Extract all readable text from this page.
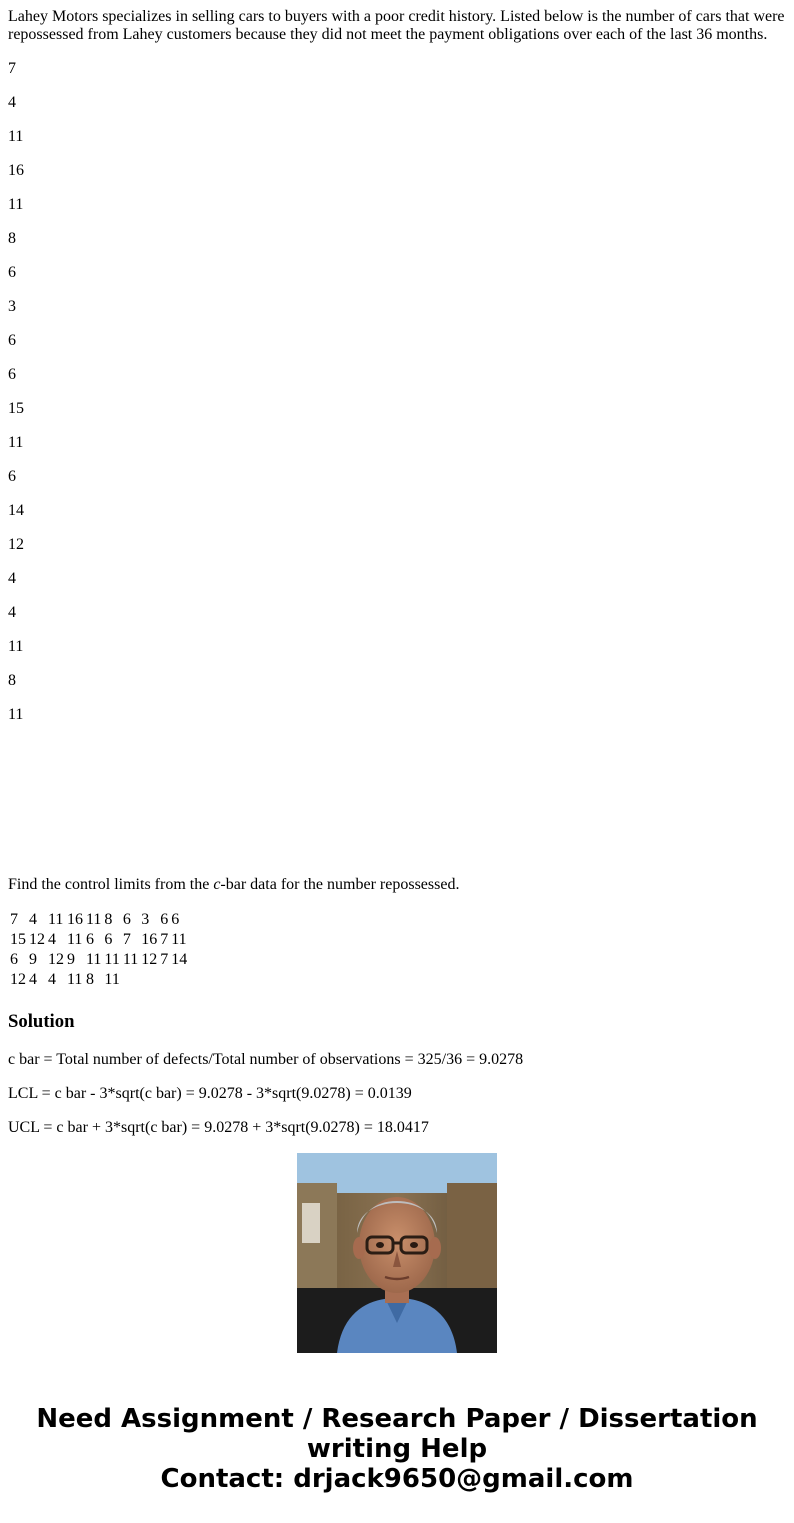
Lahey Motors specializes in selling cars to buyers with a poor credit history. Listed below is the number of cars that were repossessed from Lahey customers because they did not meet the payment obligations over each of the last 36 months.

7

4

11

16

11

8

6

3

6

6

15

11

6

14

12

4

4

11

8

11

Find the control limits from the c-bar data for the number repossessed.

7	4	11	16	11	8	6	3	6	6
15	12	4	11	6	6	7	16	7	11
6	9	12	9	11	11	11	12	7	14
12	4	4	11	8	11				
Solution

c bar = Total number of defects/Total number of observations = 325/36 = 9.0278

LCL = c bar - 3*sqrt(c bar) = 9.0278 - 3*sqrt(9.0278) = 0.0139

UCL = c bar + 3*sqrt(c bar) = 9.0278 + 3*sqrt(9.0278) = 18.0417

Need Assignment / Research Paper / Dissertation
writing Help
Contact: drjack9650@gmail.com
